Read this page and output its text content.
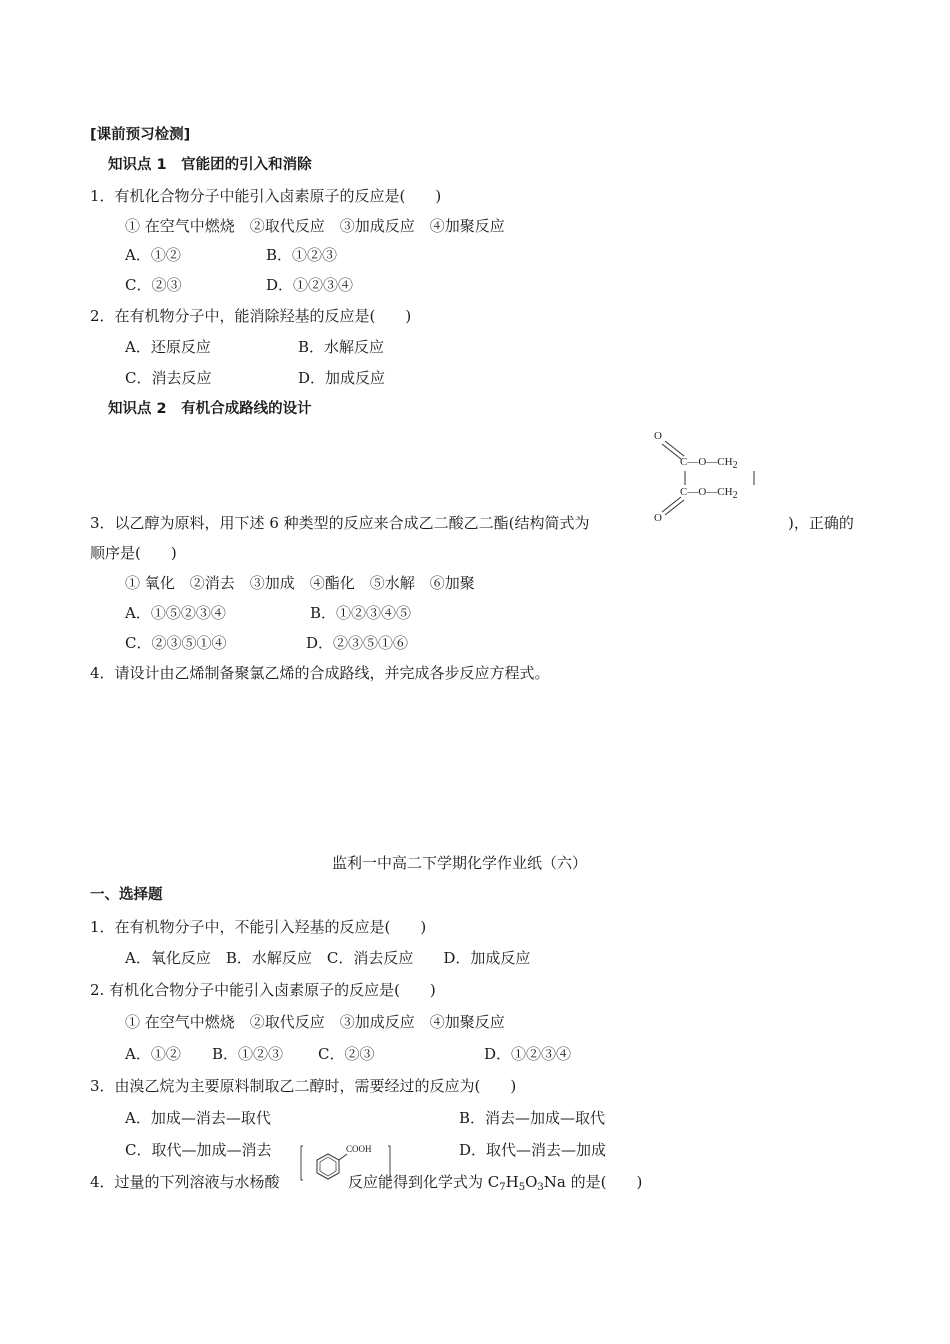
[课前预习检测]
知识点 1　官能团的引入和消除
1．有机化合物分子中能引入卤素原子的反应是(　　)
① 在空气中燃烧　②取代反应　③加成反应　④加聚反应
A．①②	B．①②③
C．②③	D．①②③④
2．在有机物分子中，能消除羟基的反应是(　　)
A．还原反应	B．水解反应
C．消去反应	D．加成反应
知识点 2　有机合成路线的设计
O
O
$C—O—CH_2$
$C—O—CH_2$
3．以乙醇为原料，用下述 6 种类型的反应来合成乙二酸乙二酯(结构简式为	)，正确的
顺序是(　　)
① 氧化　②消去　③加成　④酯化　⑤水解　⑥加聚
A．①⑤②③④	B．①②③④⑤
C．②③⑤①④	D．②③⑤①⑥
4．请设计由乙烯制备聚氯乙烯的合成路线，并完成各步反应方程式。
监利一中高二下学期化学作业纸（六）
一、选择题
1．在有机物分子中，不能引入羟基的反应是(　　)
A．氧化反应　B．水解反应　C．消去反应　　D．加成反应
2. 有机化合物分子中能引入卤素原子的反应是(　　)
① 在空气中燃烧　②取代反应　③加成反应　④加聚反应
A．①② B．①②③ C．②③	D．①②③④
3．由溴乙烷为主要原料制取乙二醇时，需要经过的反应为(　　)
A．加成—消去—取代	B．消去—加成—取代
C．取代—加成—消去	D．取代—消去—加成
COOH
4．过量的下列溶液与水杨酸	反应能得到化学式为 $C_7H_5O_3Na$ 的是(　　)
